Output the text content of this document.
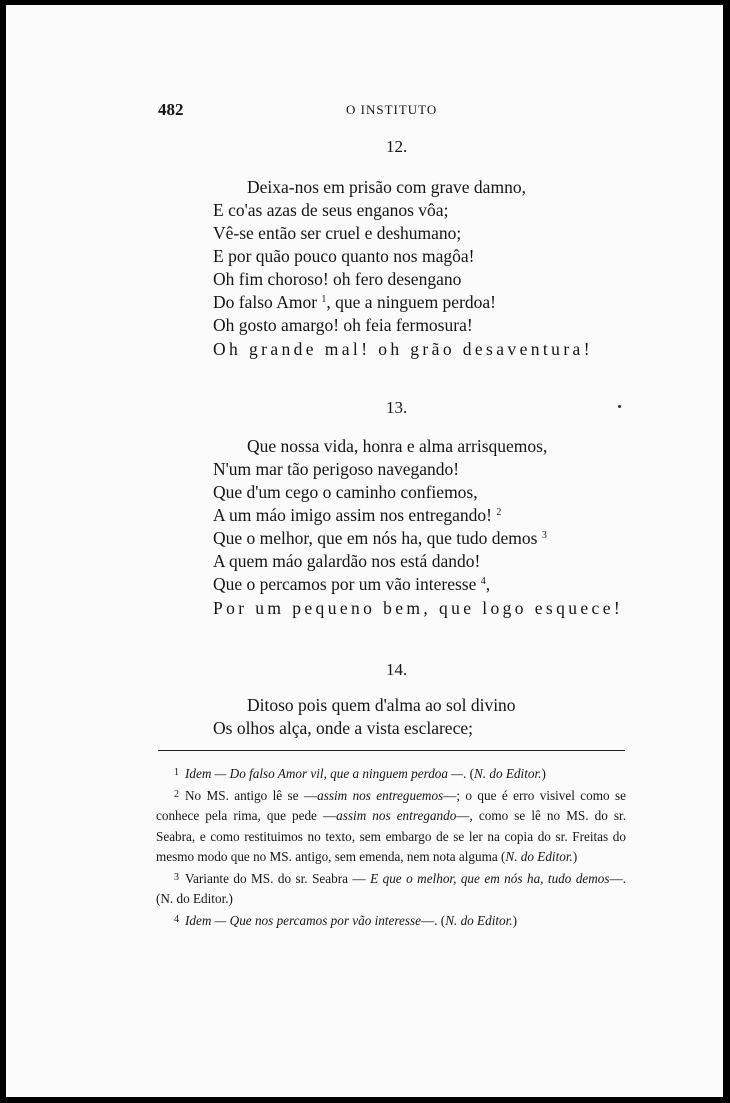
482	O INSTITUTO
12.
Deixa-nos em prisão com grave damno,
E co'as azas de seus enganos vôa;
Vê-se então ser cruel e deshumano;
E por quão pouco quanto nos magôa!
Oh fim choroso! oh fero desengano
Do falso Amor $^1$, que a ninguem perdoa!
Oh gosto amargo! oh feia fermosura!
Oh grande mal! oh grão desaventura!
13.
Que nossa vida, honra e alma arrisquemos,
N'um mar tão perigoso navegando!
Que d'um cego o caminho confiemos,
A um máo imigo assim nos entregando! $^2$
Que o melhor, que em nós ha, que tudo demos $^3$
A quem máo galardão nos está dando!
Que o percamos por um vão interesse $^4$,
Por um pequeno bem, que logo esquece!
14.
Ditoso pois quem d'alma ao sol divino
Os olhos alça, onde a vista esclarece;

$^1$ Idem — Do falso Amor vil, que a ninguem perdoa —. (N. do Editor.)

$^2$ No MS. antigo lê se —assim nos entreguemos—; o que é erro visivel como se conhece pela rima, que pede —assim nos entregando—, como se lê no MS. do sr. Seabra, e como restituimos no texto, sem embargo de se ler na copia do sr. Freitas do mesmo modo que no MS. antigo, sem emenda, nem nota alguma (N. do Editor.)

$^3$ Variante do MS. do sr. Seabra — E que o melhor, que em nós ha, tudo demos—. (N. do Editor.)

$^4$ Idem — Que nos percamos por vão interesse—. (N. do Editor.)
